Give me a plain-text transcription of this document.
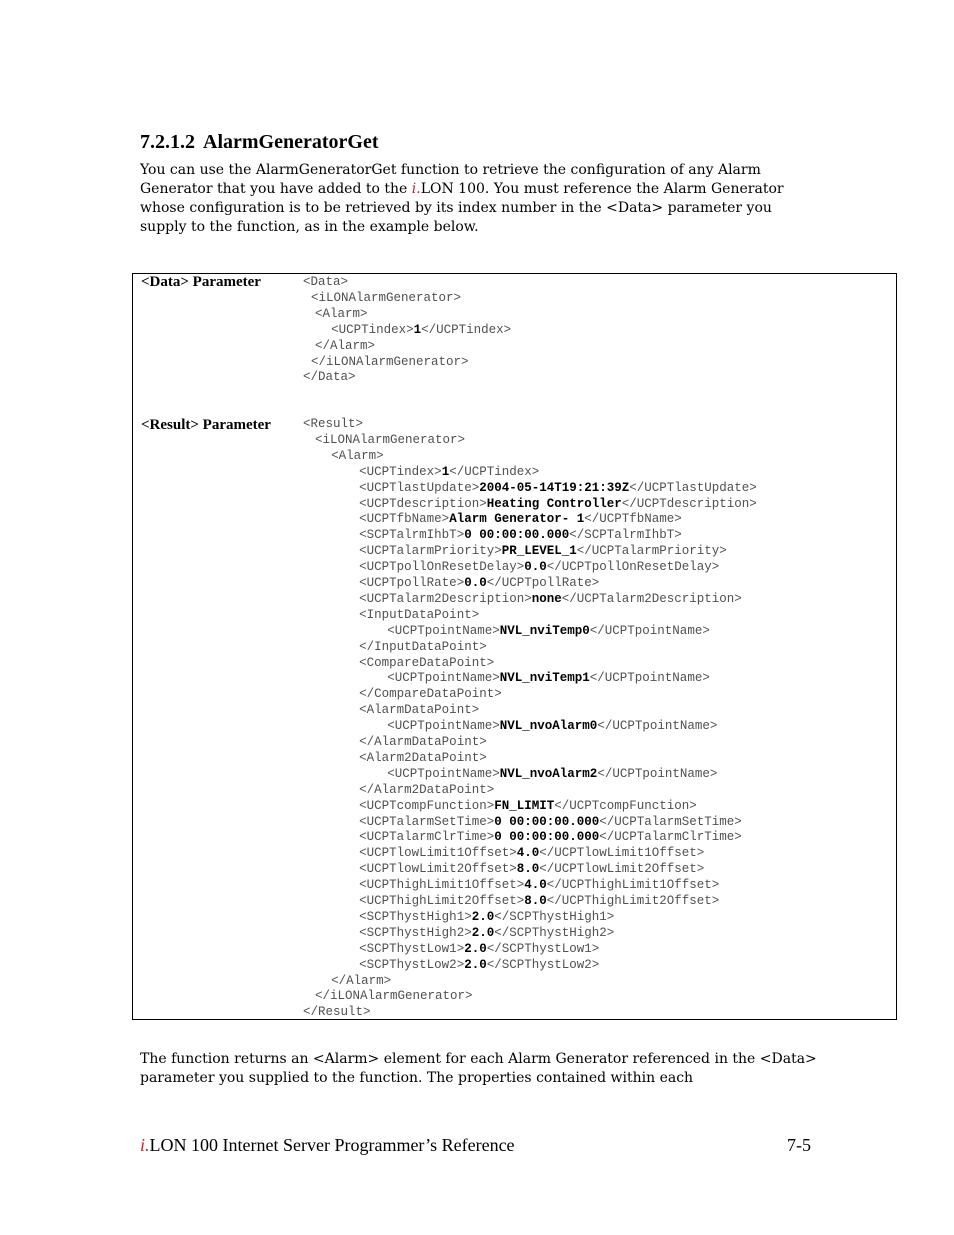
7.2.1.2 AlarmGeneratorGet

You can use the AlarmGeneratorGet function to retrieve the configuration of any Alarm Generator that you have added to the i.LON 100. You must reference the Alarm Generator whose configuration is to be retrieved by its index number in the <Data> parameter you supply to the function, as in the example below.

<Data> Parameter	<Data>
<iLONAlarmGenerator>
<Alarm>
<UCPTindex>1</UCPTindex>
</Alarm>
</iLONAlarmGenerator>
</Data>
<Result> Parameter	<Result>
<iLONAlarmGenerator>
<Alarm>
<UCPTindex>1</UCPTindex>
<UCPTlastUpdate>2004-05-14T19:21:39Z</UCPTlastUpdate>
<UCPTdescription>Heating Controller</UCPTdescription>
<UCPTfbName>Alarm Generator- 1</UCPTfbName>
<SCPTalrmIhbT>0 00:00:00.000</SCPTalrmIhbT>
<UCPTalarmPriority>PR_LEVEL_1</UCPTalarmPriority>
<UCPTpollOnResetDelay>0.0</UCPTpollOnResetDelay>
<UCPTpollRate>0.0</UCPTpollRate>
<UCPTalarm2Description>none</UCPTalarm2Description>
<InputDataPoint>
<UCPTpointName>NVL_nviTemp0</UCPTpointName>
</InputDataPoint>
<CompareDataPoint>
<UCPTpointName>NVL_nviTemp1</UCPTpointName>
</CompareDataPoint>
<AlarmDataPoint>
<UCPTpointName>NVL_nvoAlarm0</UCPTpointName>
</AlarmDataPoint>
<Alarm2DataPoint>
<UCPTpointName>NVL_nvoAlarm2</UCPTpointName>
</Alarm2DataPoint>
<UCPTcompFunction>FN_LIMIT</UCPTcompFunction>
<UCPTalarmSetTime>0 00:00:00.000</UCPTalarmSetTime>
<UCPTalarmClrTime>0 00:00:00.000</UCPTalarmClrTime>
<UCPTlowLimit1Offset>4.0</UCPTlowLimit1Offset>
<UCPTlowLimit2Offset>8.0</UCPTlowLimit2Offset>
<UCPThighLimit1Offset>4.0</UCPThighLimit1Offset>
<UCPThighLimit2Offset>8.0</UCPThighLimit2Offset>
<SCPThystHigh1>2.0</SCPThystHigh1>
<SCPThystHigh2>2.0</SCPThystHigh2>
<SCPThystLow1>2.0</SCPThystLow1>
<SCPThystLow2>2.0</SCPThystLow2>
</Alarm>
</iLONAlarmGenerator>
</Result>

The function returns an <Alarm> element for each Alarm Generator referenced in the <Data> parameter you supplied to the function. The properties contained within each

i.LON 100 Internet Server Programmer’s Reference	7-5
